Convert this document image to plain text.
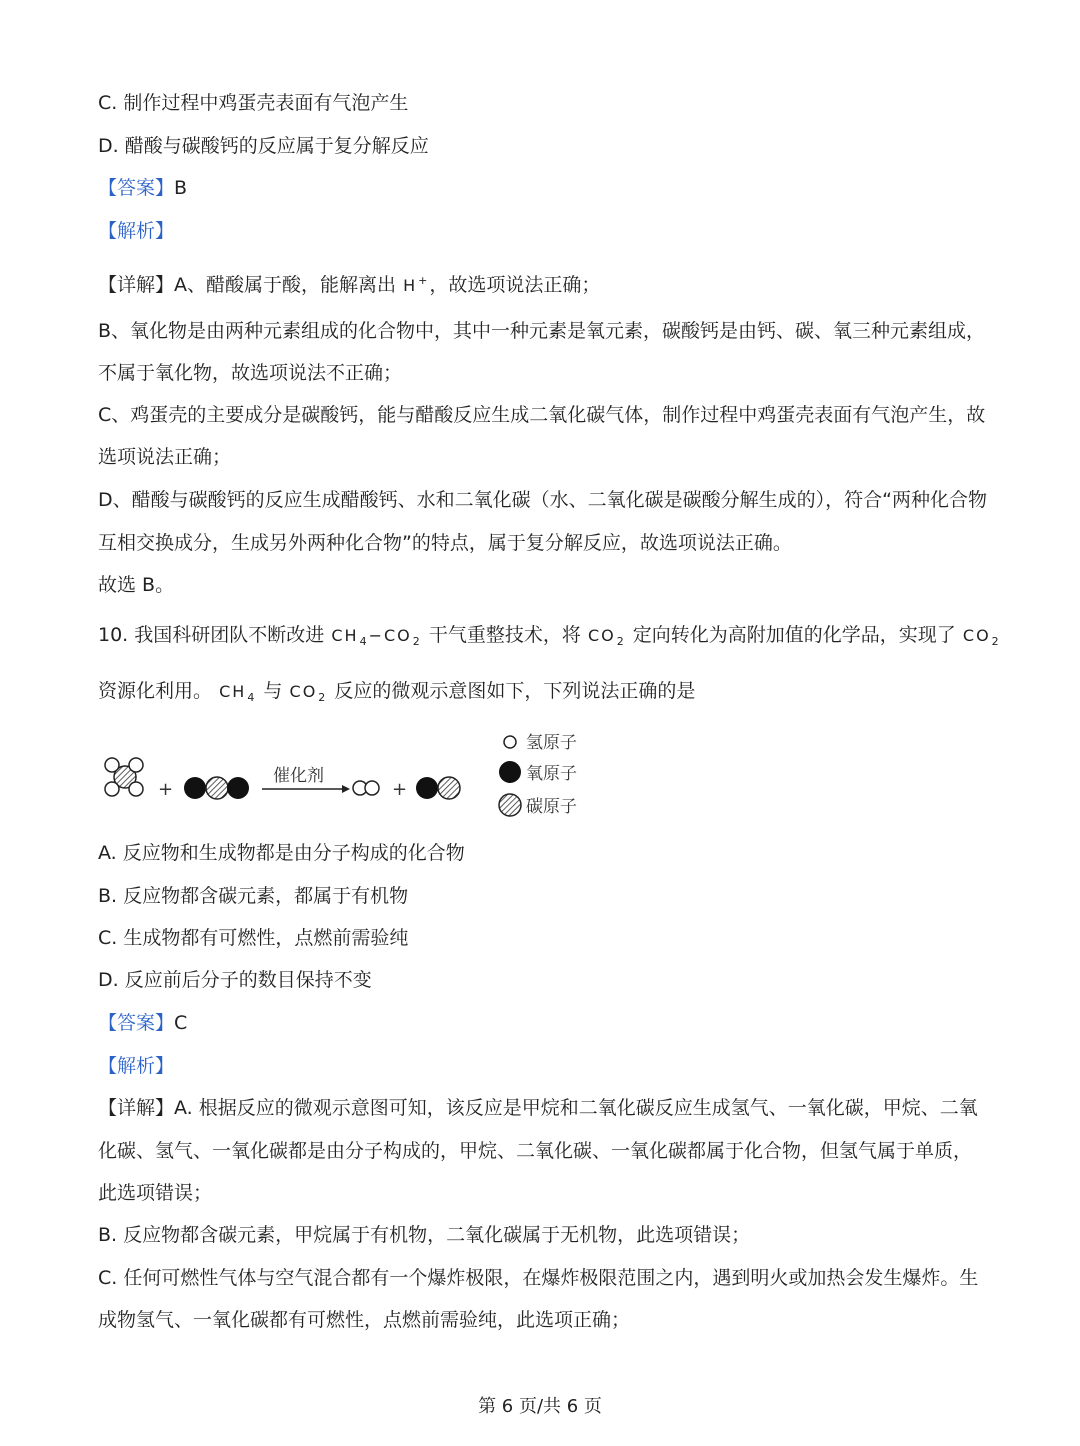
C. 制作过程中鸡蛋壳表面有气泡产生
D. 醋酸与碳酸钙的反应属于复分解反应
【答案】B
【解析】
【详解】A、醋酸属于酸，能解离出 H+，故选项说法正确；
B、氧化物是由两种元素组成的化合物中，其中一种元素是氧元素，碳酸钙是由钙、碳、氧三种元素组成，
不属于氧化物，故选项说法不正确；
C、鸡蛋壳的主要成分是碳酸钙，能与醋酸反应生成二氧化碳气体，制作过程中鸡蛋壳表面有气泡产生，故
选项说法正确；
D、醋酸与碳酸钙的反应生成醋酸钙、水和二氧化碳（水、二氧化碳是碳酸分解生成的），符合“两种化合物
互相交换成分，生成另外两种化合物”的特点，属于复分解反应，故选项说法正确。
故选 B。
10. 我国科研团队不断改进 $CH_4-CO_2$ 干气重整技术，将 $CO_2$ 定向转化为高附加值的化学品，实现了 $CO_2$
资源化利用。 $CH_4$ 与 $CO_2$ 反应的微观示意图如下，下列说法正确的是
+
催化剂
+
氢原子
氧原子
碳原子
A. 反应物和生成物都是由分子构成的化合物
B. 反应物都含碳元素，都属于有机物
C. 生成物都有可燃性，点燃前需验纯
D. 反应前后分子的数目保持不变
【答案】C
【解析】
【详解】A. 根据反应的微观示意图可知，该反应是甲烷和二氧化碳反应生成氢气、一氧化碳，甲烷、二氧
化碳、氢气、一氧化碳都是由分子构成的，甲烷、二氧化碳、一氧化碳都属于化合物，但氢气属于单质，
此选项错误；
B. 反应物都含碳元素，甲烷属于有机物，二氧化碳属于无机物，此选项错误；
C. 任何可燃性气体与空气混合都有一个爆炸极限，在爆炸极限范围之内，遇到明火或加热会发生爆炸。生
成物氢气、一氧化碳都有可燃性，点燃前需验纯，此选项正确；
第 6 页/共 6 页
